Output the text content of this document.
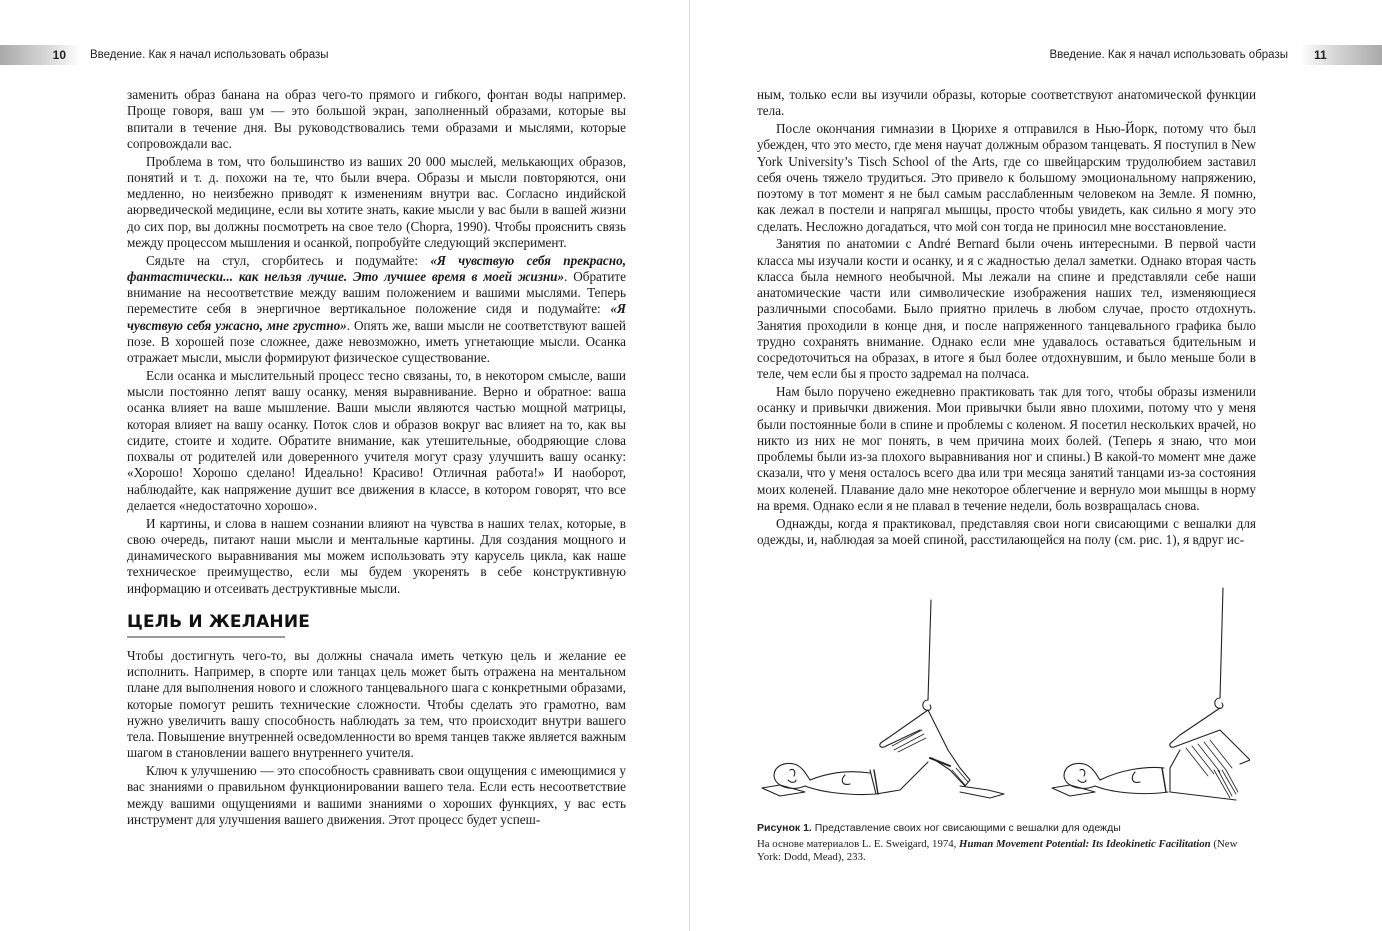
10 Введение. Как я начал использовать образы	Введение. Как я начал использовать образы 11

заменить образ банана на образ чего-то прямого и гибкого, фонтан воды например. Проще говоря, ваш ум — это большой экран, заполненный образами, которые вы впитали в течение дня. Вы руководствовались теми образами и мыслями, которые сопровождали вас.

Проблема в том, что большинство из ваших 20 000 мыслей, мелькающих образов, понятий и т. д. похожи на те, что были вчера. Образы и мысли повторяются, они медленно, но неизбежно приводят к изменениям внутри вас. Согласно индийской аюрведической медицине, если вы хотите знать, какие мысли у вас были в вашей жизни до сих пор, вы должны посмотреть на свое тело (Chopra, 1990). Чтобы прояснить связь между процессом мышления и осанкой, попробуйте следующий эксперимент.

Сядьте на стул, сгорбитесь и подумайте: «Я чувствую себя прекрасно, фантастически... как нельзя лучше. Это лучшее время в моей жизни». Обратите внимание на несоответствие между вашим положением и вашими мыслями. Теперь переместите себя в энергичное вертикальное положение сидя и подумайте: «Я чувствую себя ужасно, мне грустно». Опять же, ваши мысли не соответствуют вашей позе. В хорошей позе сложнее, даже невозможно, иметь угнетающие мысли. Осанка отражает мысли, мысли формируют физическое существование.

Если осанка и мыслительный процесс тесно связаны, то, в некотором смысле, ваши мысли постоянно лепят вашу осанку, меняя выравнивание. Верно и обратное: ваша осанка влияет на ваше мышление. Ваши мысли являются частью мощной матрицы, которая влияет на вашу осанку. Поток слов и образов вокруг вас влияет на то, как вы сидите, стоите и ходите. Обратите внимание, как утешительные, ободряющие слова похвалы от родителей или доверенного учителя могут сразу улучшить вашу осанку: «Хорошо! Хорошо сделано! Идеально! Красиво! Отличная работа!» И наоборот, наблюдайте, как напряжение душит все движения в классе, в котором говорят, что все делается «недостаточно хорошо».

И картины, и слова в нашем сознании влияют на чувства в наших телах, которые, в свою очередь, питают наши мысли и ментальные картины. Для создания мощного и динамического выравнивания мы можем использовать эту карусель цикла, как наше техническое преимущество, если мы будем укоренять в себе конструктивную информацию и отсеивать деструктивные мысли.

ЦЕЛЬ И ЖЕЛАНИЕ

Чтобы достигнуть чего-то, вы должны сначала иметь четкую цель и желание ее исполнить. Например, в спорте или танцах цель может быть отражена на ментальном плане для выполнения нового и сложного танцевального шага с конкретными образами, которые помогут решить технические сложности. Чтобы сделать это грамотно, вам нужно увеличить вашу способность наблюдать за тем, что происходит внутри вашего тела. Повышение внутренней осведомленности во время танцев также является важным шагом в становлении вашего внутреннего учителя.

Ключ к улучшению — это способность сравнивать свои ощущения с имеющимися у вас знаниями о правильном функционировании вашего тела. Если есть несоответствие между вашими ощущениями и вашими знаниями о хороших функциях, у вас есть инструмент для улучшения вашего движения. Этот процесс будет успеш-

ным, только если вы изучили образы, которые соответствуют анатомической функции тела.

После окончания гимназии в Цюрихе я отправился в Нью-Йорк, потому что был убежден, что это место, где меня научат должным образом танцевать. Я поступил в New York University’s Tisch School of the Arts, где со швейцарским трудолюбием заставил себя очень тяжело трудиться. Это привело к большому эмоциональному напряжению, поэтому в тот момент я не был самым расслабленным человеком на Земле. Я помню, как лежал в постели и напрягал мышцы, просто чтобы увидеть, как сильно я могу это сделать. Несложно догадаться, что мой сон тогда не приносил мне восстановление.

Занятия по анатомии с André Bernard были очень интересными. В первой части класса мы изучали кости и осанку, и я с жадностью делал заметки. Однако вторая часть класса была немного необычной. Мы лежали на спине и представляли себе наши анатомические части или символические изображения наших тел, изменяющиеся различными способами. Было приятно прилечь в любом случае, просто отдохнуть. Занятия проходили в конце дня, и после напряженного танцевального графика было трудно сохранять внимание. Однако если мне удавалось оставаться бдительным и сосредоточиться на образах, в итоге я был более отдохнувшим, и было меньше боли в теле, чем если бы я просто задремал на полчаса.

Нам было поручено ежедневно практиковать так для того, чтобы образы изменили осанку и привычки движения. Мои привычки были явно плохими, потому что у меня были постоянные боли в спине и проблемы с коленом. Я посетил нескольких врачей, но никто из них не мог понять, в чем причина моих болей. (Теперь я знаю, что мои проблемы были из-за плохого выравнивания ног и спины.) В какой-то момент мне даже сказали, что у меня осталось всего два или три месяца занятий танцами из-за состояния моих коленей. Плавание дало мне некоторое облегчение и вернуло мои мышцы в норму на время. Однако если я не плавал в течение недели, боль возвращалась снова.

Однажды, когда я практиковал, представляя свои ноги свисающими с вешалки для одежды, и, наблюдая за моей спиной, расстилающейся на полу (см. рис. 1), я вдруг ис-

Рисунок 1. Представление своих ног свисающими с вешалки для одежды
На основе материалов L. E. Sweigard, 1974, Human Movement Potential: Its Ideokinetic Facilitation (New York: Dodd, Mead), 233.
